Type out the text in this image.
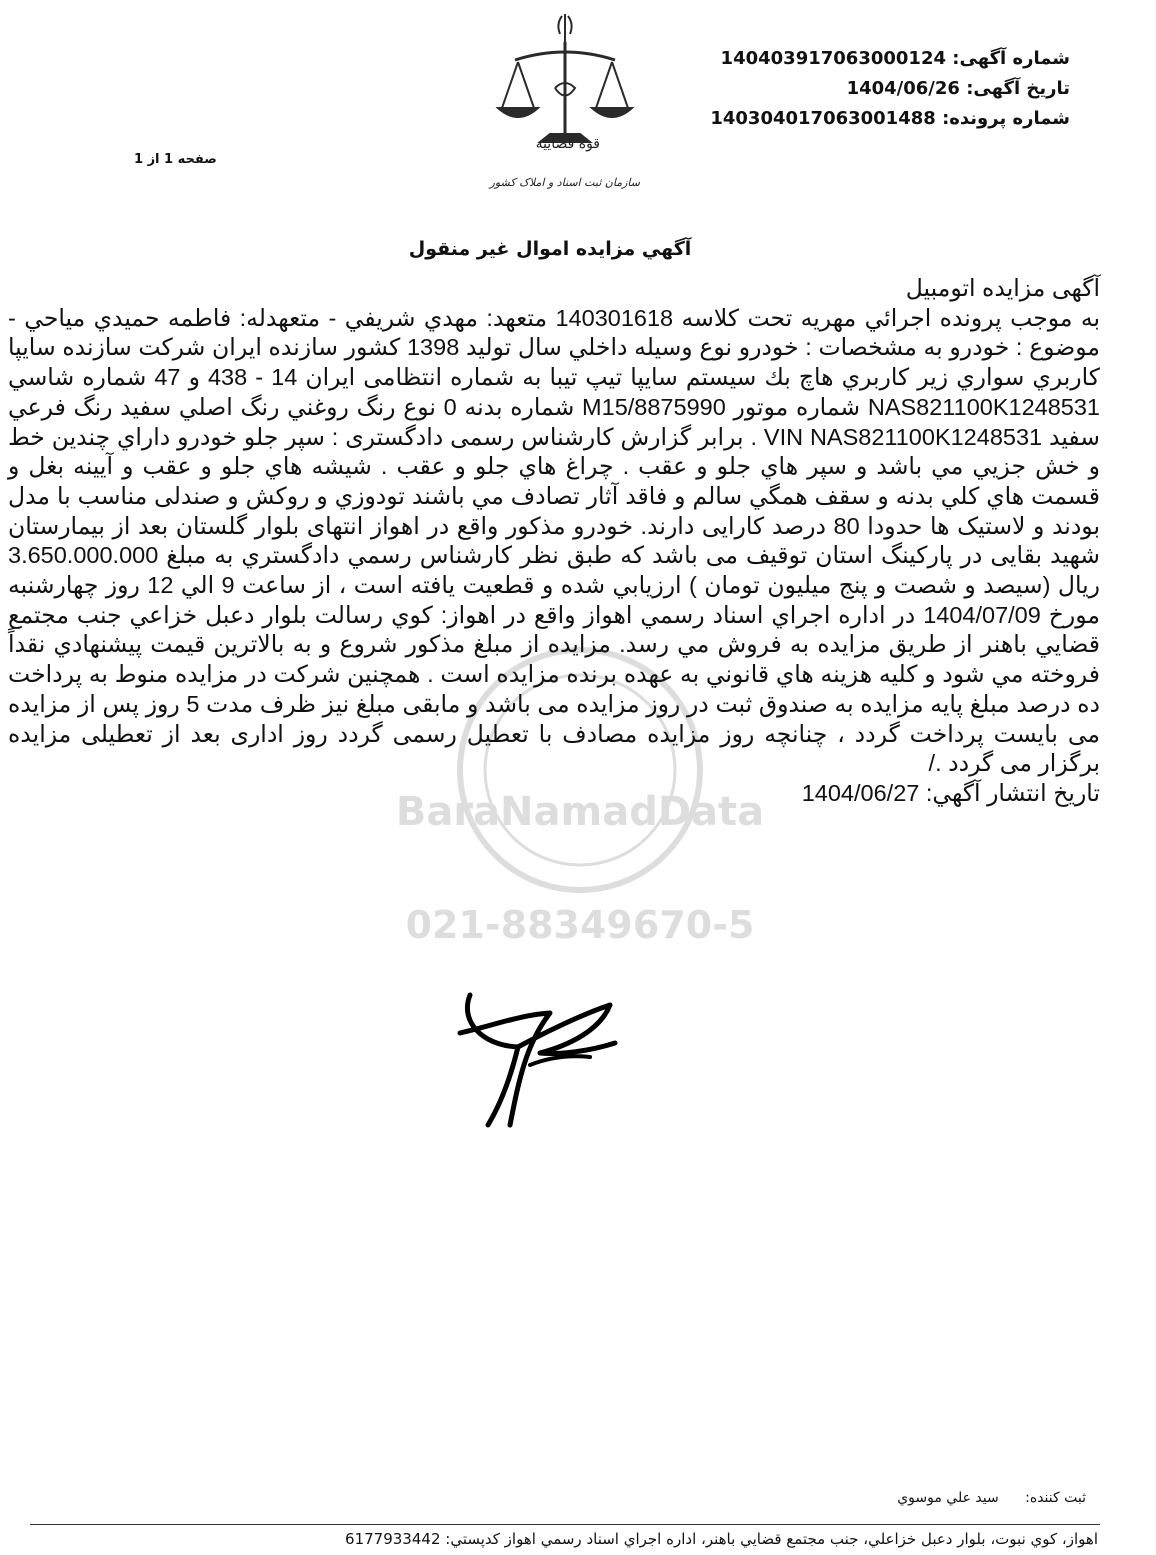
شماره آگهی: 140403917063000124
تاریخ آگهی: 1404/06/26
شماره پرونده: 140304017063001488
صفحه 1 از 1
قوه قضاییه
سازمان ثبت اسناد و املاک کشور
آگهي مزايده اموال غير منقول
BaraNamadData
021-88349670-5

آگهی مزایده اتومبیل

به موجب پرونده اجرائي مهريه تحت كلاسه 140301618 متعهد: مهدي شريفي - متعهدله: فاطمه حميدي مياحي - موضوع : خودرو به مشخصات : خودرو نوع وسيله داخلي سال توليد 1398 كشور سازنده ايران شركت سازنده سايپا كاربري سواري زير كاربري هاچ بك سيستم سايپا تيپ تيبا به شماره انتظامی ايران 14 - 438 و 47 شماره شاسي NAS821100K1248531 شماره موتور M15/8875990 شماره بدنه 0 نوع رنگ روغني رنگ اصلي سفيد رنگ فرعي سفيد VIN NAS821100K1248531 . برابر گزارش كارشناس رسمی دادگستری : سپر جلو خودرو داراي چندين خط و خش جزيي مي باشد و سپر هاي جلو و عقب . چراغ هاي جلو و عقب . شيشه هاي جلو و عقب و آيينه بغل و قسمت هاي كلي بدنه و سقف همگي سالم و فاقد آثار تصادف مي باشند تودوزي و روكش و صندلی مناسب با مدل بودند و لاستيک ها حدودا 80 درصد کارایی دارند. خودرو مذکور واقع در اهواز انتهای بلوار گلستان بعد از بیمارستان شهید بقایی در پارکینگ استان توقیف می باشد که طبق نظر کارشناس رسمي دادگستري به مبلغ 3.650.000.000 ريال (سیصد و شصت و پنج میلیون تومان ) ارزيابي شده و قطعيت يافته است ، از ساعت 9 الي 12 روز چهارشنبه مورخ 1404/07/09 در اداره اجراي اسناد رسمي اهواز واقع در اهواز: كوي رسالت بلوار دعبل خزاعي جنب مجتمع قضايي باهنر از طريق مزايده به فروش مي رسد. مزايده از مبلغ مذكور شروع و به بالاترين قيمت پيشنهادي نقداً فروخته مي شود و كليه هزينه هاي قانوني به عهده برنده مزايده است . همچنین شرکت در مزایده منوط به پرداخت ده درصد مبلغ پایه مزایده به صندوق ثبت در روز مزایده می باشد و مابقی مبلغ نیز ظرف مدت 5 روز پس از مزایده می بایست پرداخت گردد ، چنانچه روز مزایده مصادف با تعطیل رسمی گردد روز اداری بعد از تعطیلی مزایده برگزار می گردد ./

تاريخ انتشار آگهي: 1404/06/27

ثبت كننده: سيد علي موسوي
اهواز، كوي نبوت، بلوار دعبل خزاعلي، جنب مجتمع قضايي باهنر، اداره اجراي اسناد رسمي اهواز كدپستي: 6177933442
